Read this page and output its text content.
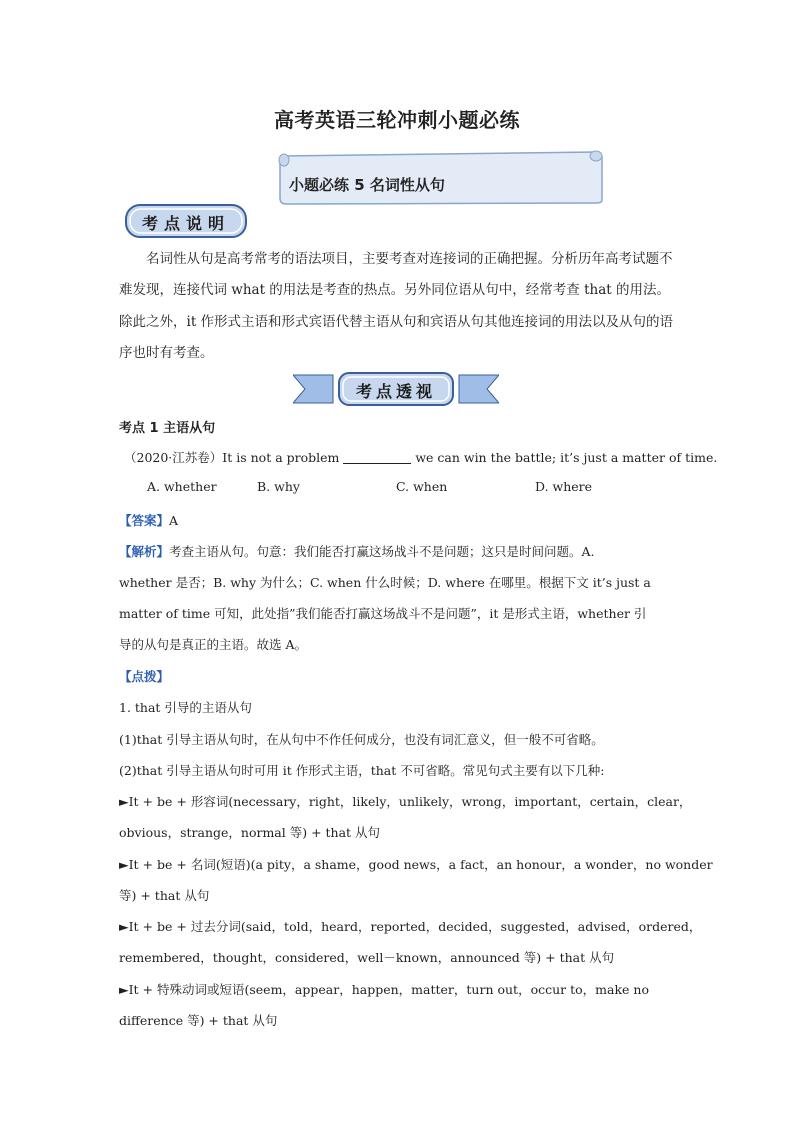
高考英语三轮冲刺小题必练
小题必练 5 名词性从句
考点说明
名词性从句是高考常考的语法项目，主要考查对连接词的正确把握。分析历年高考试题不难发现，连接代词 what 的用法是考查的热点。另外同位语从句中，经常考查 that 的用法。除此之外，it 作形式主语和形式宾语代替主语从句和宾语从句其他连接词的用法以及从句的语序也时有考查。
考点透视
考点 1 主语从句
（2020·江苏卷）It is not a problem	we can win the battle; it’s just a matter of time.
A. whether	B. why	C. when	D. where
【答案】A
【解析】考查主语从句。句意：我们能否打赢这场战斗不是问题；这只是时间问题。A.
whether 是否；B. why 为什么；C. when 什么时候；D. where 在哪里。根据下文 it’s just a
matter of time 可知，此处指”我们能否打赢这场战斗不是问题”，it 是形式主语，whether 引
导的从句是真正的主语。故选 A。
【点拨】
1. that 引导的主语从句
(1)that 引导主语从句时，在从句中不作任何成分，也没有词汇意义，但一般不可省略。
(2)that 引导主语从句时可用 it 作形式主语，that 不可省略。常见句式主要有以下几种:
►It + be + 形容词(necessary，right，likely，unlikely，wrong，important，certain，clear，
obvious，strange，normal 等) + that 从句
►It + be + 名词(短语)(a pity，a shame，good news，a fact，an honour，a wonder，no wonder
等) + that 从句
►It + be + 过去分词(said，told，heard，reported，decided，suggested，advised，ordered，
remembered，thought，considered，well－known，announced 等) + that 从句
►It + 特殊动词或短语(seem，appear，happen，matter，turn out，occur to，make no
difference 等) + that 从句
